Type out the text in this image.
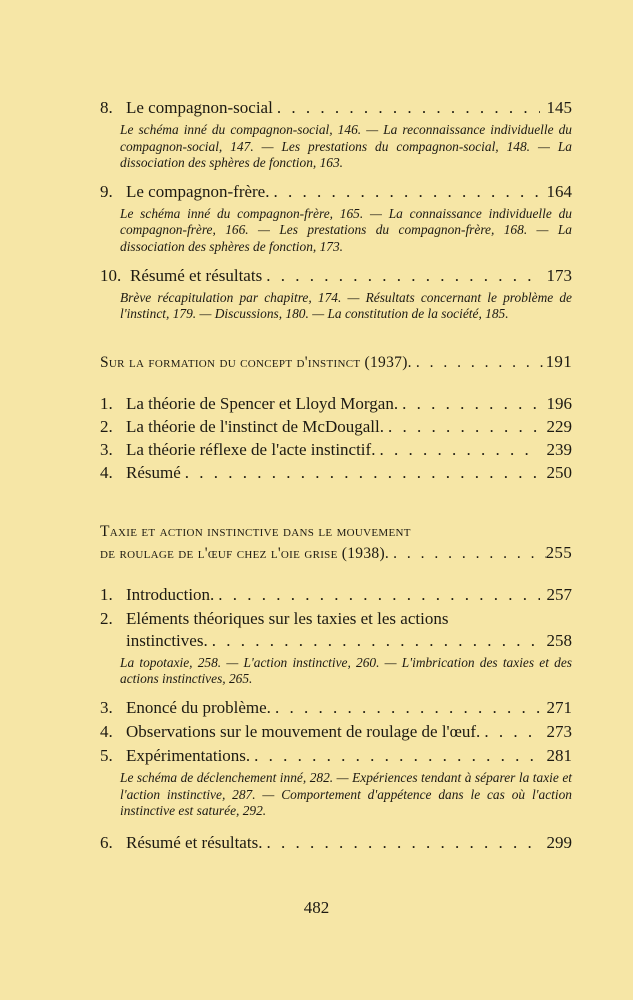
8. Le compagnon-social . . .	145
Le schéma inné du compagnon-social, 146. — La reconnaissance individuelle du compagnon-social, 147. — Les prestations du compagnon-social, 148. — La dissociation des sphères de fonction, 163.
9. Le compagnon-frère. . . .	164
Le schéma inné du compagnon-frère, 165. — La connaissance individuelle du compagnon-frère, 166. — Les prestations du compagnon-frère, 168. — La dissociation des sphères de fonction, 173.
10. Résumé et résultats . . .	173
Brève récapitulation par chapitre, 174. — Résultats concernant le problème de l'instinct, 179. — Discussions, 180. — La constitution de la société, 185.
Sur la formation du concept d'instinct (1937). . . .	191
1. La théorie de Spencer et Lloyd Morgan. . . .	196
2. La théorie de l'instinct de McDougall. . . .	229
3. La théorie réflexe de l'acte instinctif. . . .	239
4. Résumé . . .	250
Taxie et action instinctive dans le mouvement
de roulage de l'œuf chez l'oie grise (1938). . . .	255
1. Introduction. . . .	257
2. Eléments théoriques sur les taxies et les actions
instinctives. . . .	258
La topotaxie, 258. — L'action instinctive, 260. — L'imbrication des taxies et des actions instinctives, 265.
3. Enoncé du problème. . . .	271
4. Observations sur le mouvement de roulage de l'œuf. . . .	273
5. Expérimentations. . . .	281
Le schéma de déclenchement inné, 282. — Expériences tendant à séparer la taxie et l'action instinctive, 287. — Comportement d'appétence dans le cas où l'action instinctive est saturée, 292.
6. Résumé et résultats. . . .	299
482
